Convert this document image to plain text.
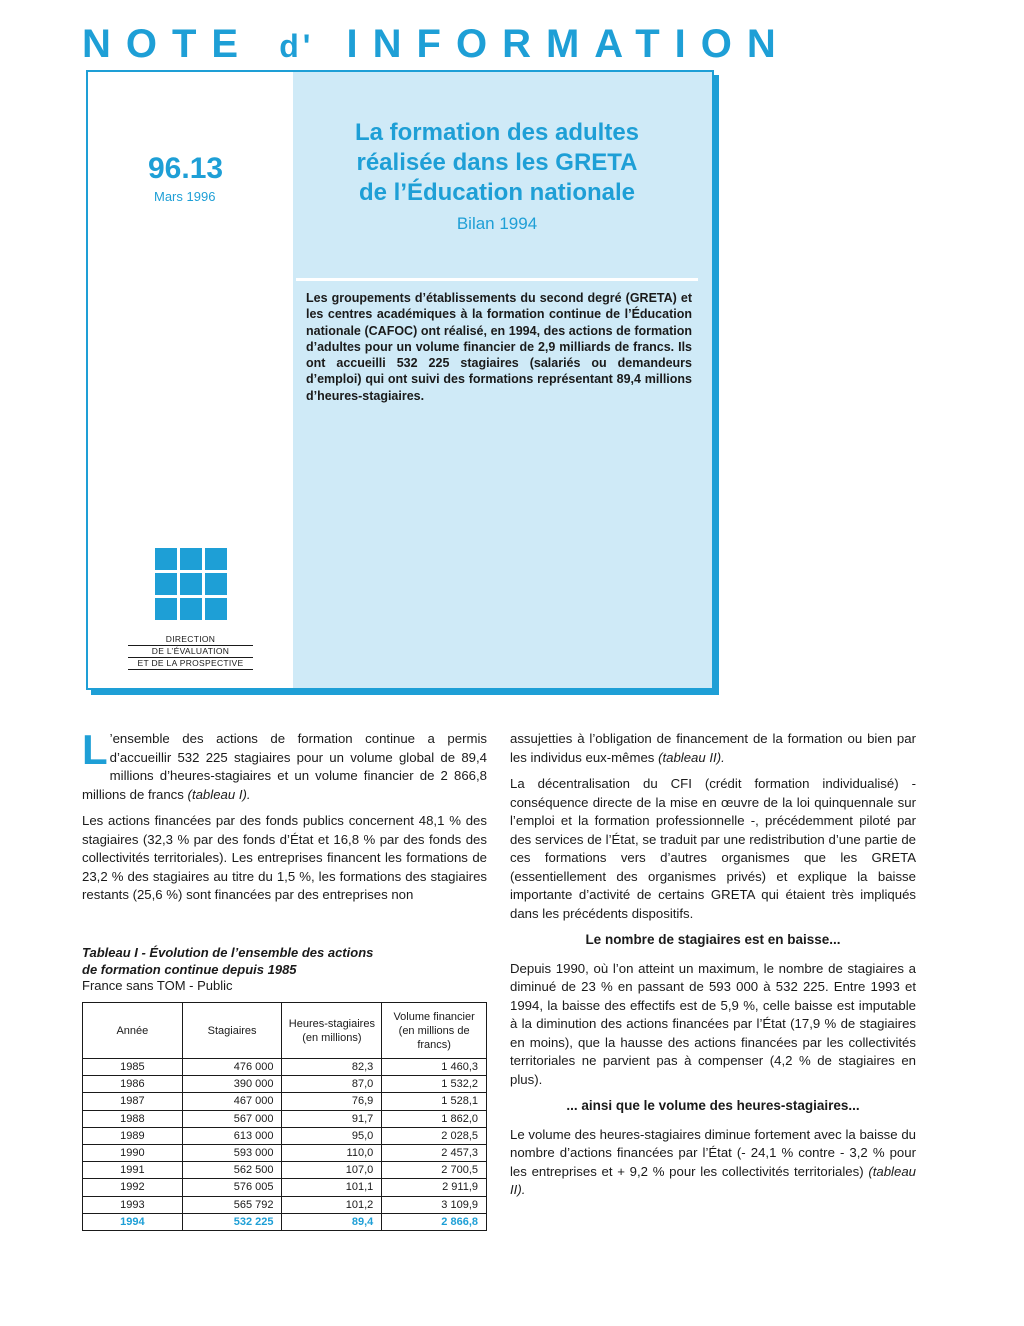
NOTE d' INFORMATION
96.13
Mars 1996
La formation des adultes
réalisée dans les GRETA
de l’Éducation nationale
Bilan 1994
Les groupements d’établissements du second degré (GRETA) et les centres académiques à la formation continue de l’Éducation nationale (CAFOC) ont réalisé, en 1994, des actions de formation d’adultes pour un volume financier de 2,9 milliards de francs. Ils ont accueilli 532 225 stagiaires (salariés ou demandeurs d’emploi) qui ont suivi des formations représentant 89,4 millions d’heures-stagiaires.
DIRECTION
DE L’ÉVALUATION
ET DE LA PROSPECTIVE

L ’ensemble des actions de formation continue a permis d’accueillir 532 225 stagiaires pour un volume global de 89,4 millions d’heures-stagiaires et un volume financier de 2 866,8 millions de francs (tableau I).

Les actions financées par des fonds publics concernent 48,1 % des stagiaires (32,3 % par des fonds d’État et 16,8 % par des fonds des collectivités territoriales). Les entreprises financent les formations de 23,2 % des stagiaires au titre du 1,5 %, les formations des stagiaires restants (25,6 %) sont financées par des entreprises non

Tableau I - Évolution de l’ensemble des actions
de formation continue depuis 1985
France sans TOM - Public
Année	Stagiaires	Heures-stagiaires (en millions)	Volume financier (en millions de francs)
1985	476 000	82,3	1 460,3
1986	390 000	87,0	1 532,2
1987	467 000	76,9	1 528,1
1988	567 000	91,7	1 862,0
1989	613 000	95,0	2 028,5
1990	593 000	110,0	2 457,3
1991	562 500	107,0	2 700,5
1992	576 005	101,1	2 911,9
1993	565 792	101,2	3 109,9
1994	532 225	89,4	2 866,8

assujetties à l’obligation de financement de la formation ou bien par les individus eux-mêmes (tableau II).

La décentralisation du CFI (crédit formation individualisé) - conséquence directe de la mise en œuvre de la loi quinquennale sur l’emploi et la formation professionnelle -, précédemment piloté par des services de l’État, se traduit par une redistribution d’une partie de ces formations vers d’autres organismes que les GRETA (essentiellement des organismes privés) et explique la baisse importante d’activité de certains GRETA qui étaient très impliqués dans les précédents dispositifs.

Le nombre de stagiaires est en baisse...

Depuis 1990, où l’on atteint un maximum, le nombre de stagiaires a diminué de 23 % en passant de 593 000 à 532 225. Entre 1993 et 1994, la baisse des effectifs est de 5,9 %, celle baisse est imputable à la diminution des actions financées par l’État (17,9 % de stagiaires en moins), que la hausse des actions financées par les collectivités territoriales ne parvient pas à compenser (4,2 % de stagiaires en plus).

... ainsi que le volume des heures-stagiaires...

Le volume des heures-stagiaires diminue fortement avec la baisse du nombre d’actions financées par l’État (- 24,1 % contre - 3,2 % pour les entreprises et + 9,2 % pour les collectivités territoriales) (tableau II).
